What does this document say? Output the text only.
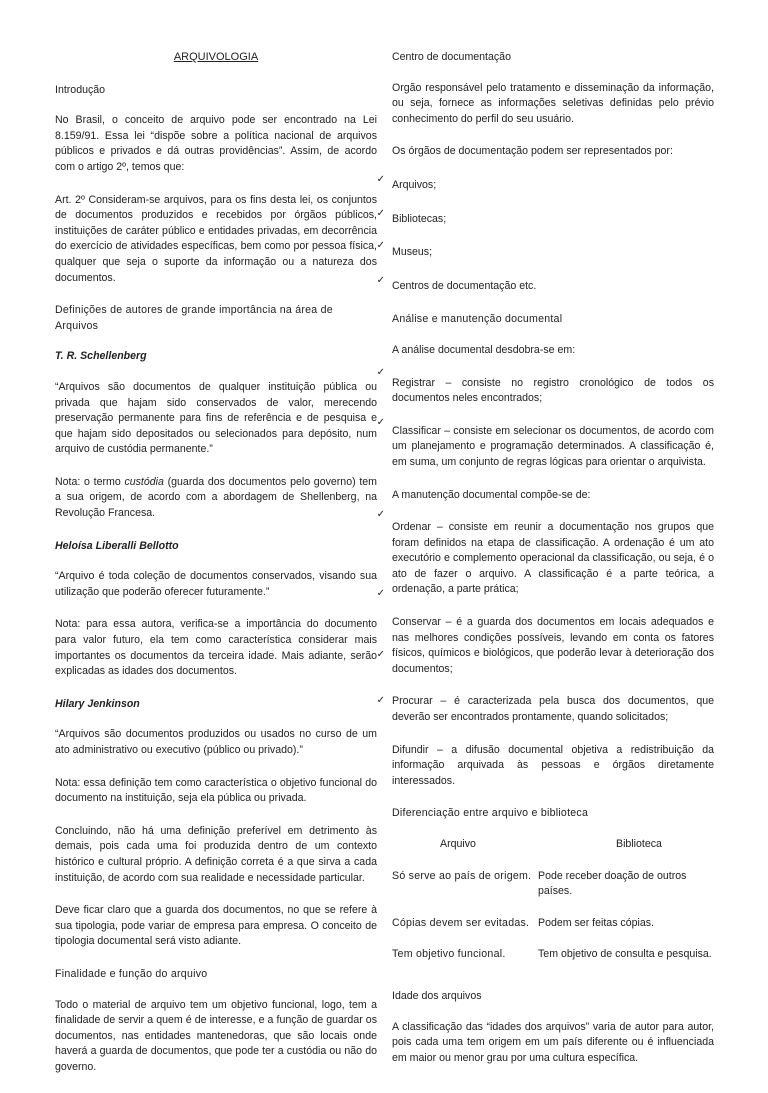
ARQUIVOLOGIA
Introdução

No Brasil, o conceito de arquivo pode ser encontrado na Lei 8.159/91. Essa lei “dispõe sobre a política nacional de arquivos públicos e privados e dá outras providências”. Assim, de acordo com o artigo 2º, temos que:

Art. 2º Consideram-se arquivos, para os fins desta lei, os conjuntos de documentos produzidos e recebidos por órgãos públicos, instituições de caráter público e entidades privadas, em decorrência do exercício de atividades específicas, bem como por pessoa física, qualquer que seja o suporte da informação ou a natureza dos documentos.

Definições de autores de grande importância na área de Arquivos
T. R. Schellenberg

“Arquivos são documentos de qualquer instituição pública ou privada que hajam sido conservados de valor, merecendo preservação permanente para fins de referência e de pesquisa e que hajam sido depositados ou selecionados para depósito, num arquivo de custódia permanente.”

Nota: o termo custódia (guarda dos documentos pelo governo) tem a sua origem, de acordo com a abordagem de Shellenberg, na Revolução Francesa.

Heloísa Liberalli Bellotto

“Arquivo é toda coleção de documentos conservados, visando sua utilização que poderão oferecer futuramente.”

Nota: para essa autora, verifica-se a importância do documento para valor futuro, ela tem como característica considerar mais importantes os documentos da terceira idade. Mais adiante, serão explicadas as idades dos documentos.

Hilary Jenkinson

“Arquivos são documentos produzidos ou usados no curso de um ato administrativo ou executivo (público ou privado).”

Nota: essa definição tem como característica o objetivo funcional do documento na instituição, seja ela pública ou privada.

Concluindo, não há uma definição preferível em detrimento às demais, pois cada uma foi produzida dentro de um contexto histórico e cultural próprio. A definição correta é a que sirva a cada instituição, de acordo com sua realidade e necessidade particular.

Deve ficar claro que a guarda dos documentos, no que se refere à sua tipologia, pode variar de empresa para empresa. O conceito de tipologia documental será visto adiante.

Finalidade e função do arquivo

Todo o material de arquivo tem um objetivo funcional, logo, tem a finalidade de servir a quem é de interesse, e a função de guardar os documentos, nas entidades mantenedoras, que são locais onde haverá a guarda de documentos, que pode ter a custódia ou não do governo.

✓
✓
✓
✓
✓
✓
✓
✓
✓
✓
Centro de documentação

Orgão responsável pelo tratamento e disseminação da informação, ou seja, fornece as informações seletivas definidas pelo prévio conhecimento do perfil do seu usuário.

Os órgãos de documentação podem ser representados por:

Arquivos;

Bibliotecas;

Museus;

Centros de documentação etc.

Análise e manutenção documental

A análise documental desdobra-se em:

Registrar – consiste no registro cronológico de todos os documentos neles encontrados;

Classificar – consiste em selecionar os documentos, de acordo com um planejamento e programação determinados. A classificação é, em suma, um conjunto de regras lógicas para orientar o arquivista.

A manutenção documental compõe-se de:

Ordenar – consiste em reunir a documentação nos grupos que foram definidos na etapa de classificação. A ordenação é um ato executório e complemento operacional da classificação, ou seja, é o ato de fazer o arquivo. A classificação é a parte teórica, a ordenação, a parte prática;

Conservar – é a guarda dos documentos em locais adequados e nas melhores condições possíveis, levando em conta os fatores físicos, químicos e biológicos, que poderão levar à deterioração dos documentos;

Procurar – é caracterizada pela busca dos documentos, que deverão ser encontrados prontamente, quando solicitados;

Difundir – a difusão documental objetiva a redistribuição da informação arquivada às pessoas e órgãos diretamente interessados.

Diferenciação entre arquivo e biblioteca
Arquivo	Biblioteca
Só serve ao país de origem.	Pode receber doação de outros países.
Cópias devem ser evitadas.	Podem ser feitas cópias.
Tem objetivo funcional.	Tem objetivo de consulta e pesquisa.
Idade dos arquivos

A classificação das “idades dos arquivos” varia de autor para autor, pois cada uma tem origem em um país diferente ou é influenciada em maior ou menor grau por uma cultura específica.
